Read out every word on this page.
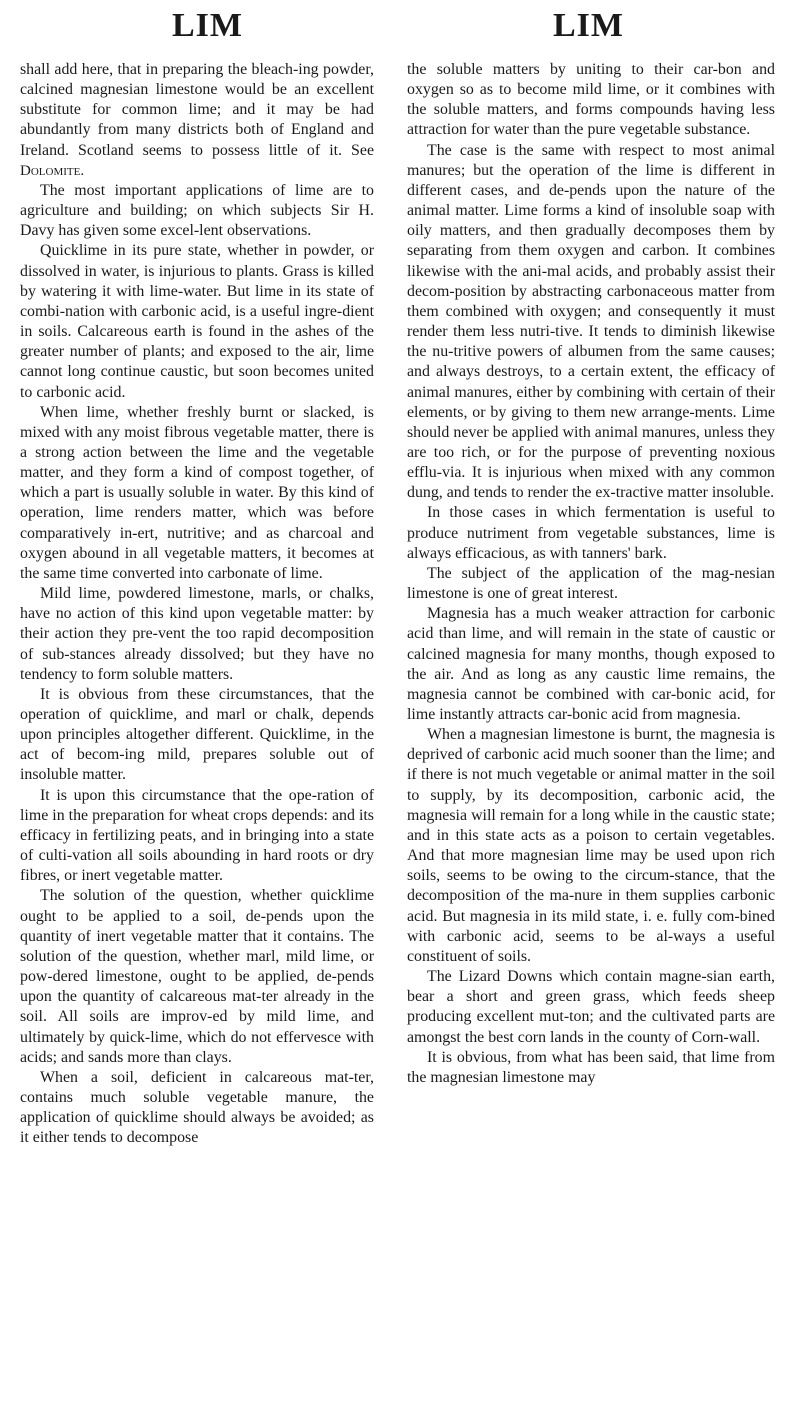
LIM	LIM

shall add here, that in preparing the bleach-ing powder, calcined magnesian limestone would be an excellent substitute for common lime; and it may be had abundantly from many districts both of England and Ireland. Scotland seems to possess little of it. See Dolomite.

The most important applications of lime are to agriculture and building; on which subjects Sir H. Davy has given some excel-lent observations.

Quicklime in its pure state, whether in powder, or dissolved in water, is injurious to plants. Grass is killed by watering it with lime-water. But lime in its state of combi-nation with carbonic acid, is a useful ingre-dient in soils. Calcareous earth is found in the ashes of the greater number of plants; and exposed to the air, lime cannot long continue caustic, but soon becomes united to carbonic acid.

When lime, whether freshly burnt or slacked, is mixed with any moist fibrous vegetable matter, there is a strong action between the lime and the vegetable matter, and they form a kind of compost together, of which a part is usually soluble in water. By this kind of operation, lime renders matter, which was before comparatively in-ert, nutritive; and as charcoal and oxygen abound in all vegetable matters, it becomes at the same time converted into carbonate of lime.

Mild lime, powdered limestone, marls, or chalks, have no action of this kind upon vegetable matter: by their action they pre-vent the too rapid decomposition of sub-stances already dissolved; but they have no tendency to form soluble matters.

It is obvious from these circumstances, that the operation of quicklime, and marl or chalk, depends upon principles altogether different. Quicklime, in the act of becom-ing mild, prepares soluble out of insoluble matter.

It is upon this circumstance that the ope-ration of lime in the preparation for wheat crops depends: and its efficacy in fertilizing peats, and in bringing into a state of culti-vation all soils abounding in hard roots or dry fibres, or inert vegetable matter.

The solution of the question, whether quicklime ought to be applied to a soil, de-pends upon the quantity of inert vegetable matter that it contains. The solution of the question, whether marl, mild lime, or pow-dered limestone, ought to be applied, de-pends upon the quantity of calcareous mat-ter already in the soil. All soils are improv-ed by mild lime, and ultimately by quick-lime, which do not effervesce with acids; and sands more than clays.

When a soil, deficient in calcareous mat-ter, contains much soluble vegetable manure, the application of quicklime should always be avoided; as it either tends to decompose

the soluble matters by uniting to their car-bon and oxygen so as to become mild lime, or it combines with the soluble matters, and forms compounds having less attraction for water than the pure vegetable substance.

The case is the same with respect to most animal manures; but the operation of the lime is different in different cases, and de-pends upon the nature of the animal matter. Lime forms a kind of insoluble soap with oily matters, and then gradually decomposes them by separating from them oxygen and carbon. It combines likewise with the ani-mal acids, and probably assist their decom-position by abstracting carbonaceous matter from them combined with oxygen; and consequently it must render them less nutri-tive. It tends to diminish likewise the nu-tritive powers of albumen from the same causes; and always destroys, to a certain extent, the efficacy of animal manures, either by combining with certain of their elements, or by giving to them new arrange-ments. Lime should never be applied with animal manures, unless they are too rich, or for the purpose of preventing noxious efflu-via. It is injurious when mixed with any common dung, and tends to render the ex-tractive matter insoluble.

In those cases in which fermentation is useful to produce nutriment from vegetable substances, lime is always efficacious, as with tanners' bark.

The subject of the application of the mag-nesian limestone is one of great interest.

Magnesia has a much weaker attraction for carbonic acid than lime, and will remain in the state of caustic or calcined magnesia for many months, though exposed to the air. And as long as any caustic lime remains, the magnesia cannot be combined with car-bonic acid, for lime instantly attracts car-bonic acid from magnesia.

When a magnesian limestone is burnt, the magnesia is deprived of carbonic acid much sooner than the lime; and if there is not much vegetable or animal matter in the soil to supply, by its decomposition, carbonic acid, the magnesia will remain for a long while in the caustic state; and in this state acts as a poison to certain vegetables. And that more magnesian lime may be used upon rich soils, seems to be owing to the circum-stance, that the decomposition of the ma-nure in them supplies carbonic acid. But magnesia in its mild state, i. e. fully com-bined with carbonic acid, seems to be al-ways a useful constituent of soils.

The Lizard Downs which contain magne-sian earth, bear a short and green grass, which feeds sheep producing excellent mut-ton; and the cultivated parts are amongst the best corn lands in the county of Corn-wall.

It is obvious, from what has been said, that lime from the magnesian limestone may
